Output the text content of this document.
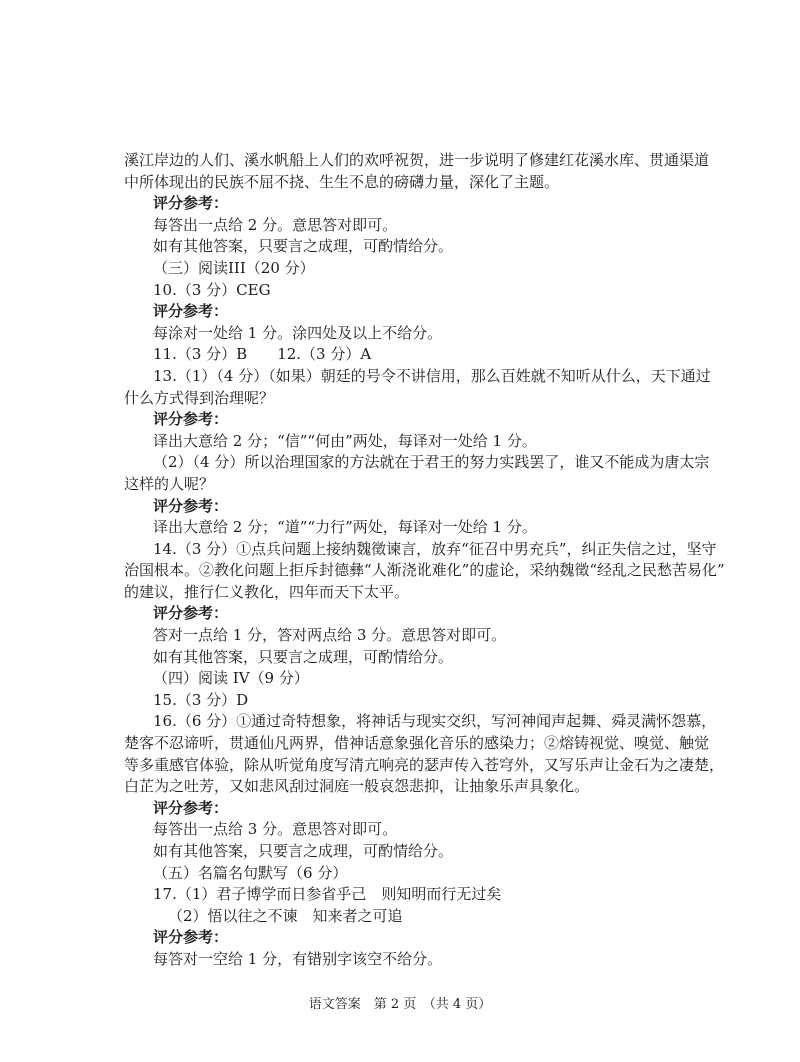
溪江岸边的人们、溪水帆船上人们的欢呼祝贺，进一步说明了修建红花溪水库、贯通渠道
中所体现出的民族不屈不挠、生生不息的磅礴力量，深化了主题。
评分参考：
每答出一点给 2 分。意思答对即可。
如有其他答案，只要言之成理，可酌情给分。
（三）阅读III（20 分）
10.（3 分）CEG
评分参考：
每涂对一处给 1 分。涂四处及以上不给分。
11.（3 分）B　　12.（3 分）A
13.（1）（4 分）（如果）朝廷的号令不讲信用，那么百姓就不知听从什么，天下通过
什么方式得到治理呢？
评分参考：
译出大意给 2 分；“信”“何由”两处，每译对一处给 1 分。
（2）（4 分）所以治理国家的方法就在于君王的努力实践罢了，谁又不能成为唐太宗
这样的人呢？
评分参考：
译出大意给 2 分；“道”“力行”两处，每译对一处给 1 分。
14.（3 分）①点兵问题上接纳魏徵谏言，放弃“征召中男充兵”，纠正失信之过，坚守
治国根本。②教化问题上拒斥封德彝“人渐浇讹难化”的虚论，采纳魏徵“经乱之民愁苦易化”
的建议，推行仁义教化，四年而天下太平。
评分参考：
答对一点给 1 分，答对两点给 3 分。意思答对即可。
如有其他答案，只要言之成理，可酌情给分。
（四）阅读 IV（9 分）
15.（3 分）D
16.（6 分）①通过奇特想象，将神话与现实交织，写河神闻声起舞、舜灵满怀怨慕，
楚客不忍谛听，贯通仙凡两界，借神话意象强化音乐的感染力；②熔铸视觉、嗅觉、触觉
等多重感官体验，除从听觉角度写清亢响亮的瑟声传入苍穹外，又写乐声让金石为之凄楚，
白芷为之吐芳，又如悲风刮过洞庭一般哀怨悲抑，让抽象乐声具象化。
评分参考：
每答出一点给 3 分。意思答对即可。
如有其他答案，只要言之成理，可酌情给分。
（五）名篇名句默写（6 分）
17.（1）君子博学而日参省乎己　则知明而行无过矣
（2）悟以往之不谏　知来者之可追
评分参考：
每答对一空给 1 分，有错别字该空不给分。
语文答案　第 2 页　（共 4 页）
